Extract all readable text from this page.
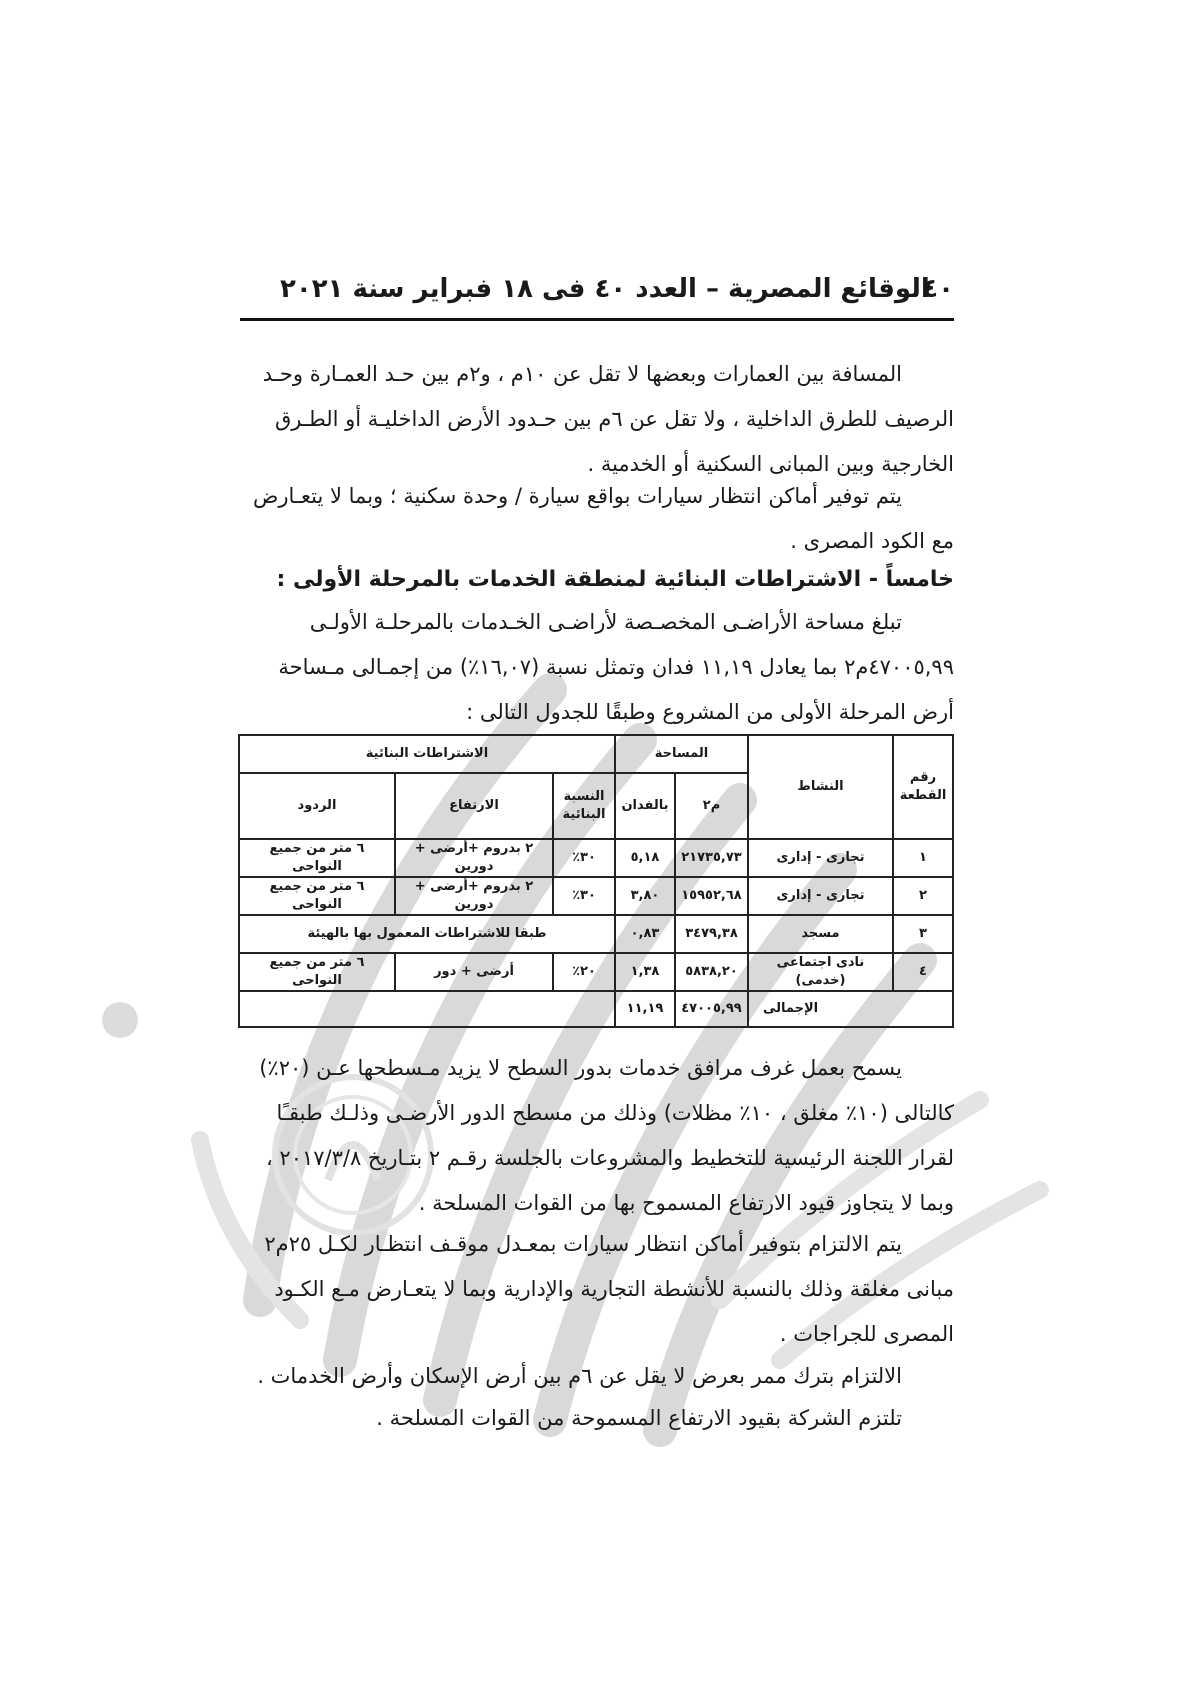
٤٠
الوقائع المصرية – العدد ٤٠ فى ١٨ فبراير سنة ٢٠٢١

المسافة بين العمارات وبعضها لا تقل عن ١٠م ، و٢م بين حـد العمـارة وحـد
الرصيف للطرق الداخلية ، ولا تقل عن ٦م بين حـدود الأرض الداخليـة أو الطـرق
الخارجية وبين المبانى السكنية أو الخدمية .

يتم توفير أماكن انتظار سيارات بواقع سيارة / وحدة سكنية ؛ وبما لا يتعـارض
مع الكود المصرى .

خامساً - الاشتراطات البنائية لمنطقة الخدمات بالمرحلة الأولى :

تبلغ مساحة الأراضـى المخصـصة لأراضـى الخـدمات بالمرحلـة الأولـى
٤٧٠٠٥,٩٩م٢ بما يعادل ١١,١٩ فدان وتمثل نسبة (١٦,٠٧٪) من إجمـالى مـساحة
أرض المرحلة الأولى من المشروع وطبقًا للجدول التالى :

رقم القطعة	النشاط	المساحة		الاشتراطات البنائية		
		م٢	بالفدان	النسبة البنائية	الارتفاع	الردود
١	تجارى - إدارى	٢١٧٣٥,٧٣	٥,١٨	٣٠٪	٢ بدروم +أرضى + دورين	٦ متر من جميع النواحى
٢	تجارى - إدارى	١٥٩٥٢,٦٨	٣,٨٠	٣٠٪	٢ بدروم +أرضى + دورين	٦ متر من جميع النواحى
٣	مسجد	٣٤٧٩,٣٨	٠,٨٣	طبقا للاشتراطات المعمول بها بالهيئة		
٤	نادى اجتماعى (خدمى)	٥٨٣٨,٢٠	١,٣٨	٢٠٪	أرضى + دور	٦ متر من جميع النواحى
الإجمالى		٤٧٠٠٥,٩٩	١١,١٩			

يسمح بعمل غرف مرافق خدمات بدور السطح لا يزيد مـسطحها عـن (٢٠٪)
كالتالى (١٠٪ مغلق ، ١٠٪ مظلات) وذلك من مسطح الدور الأرضـى وذلـك طبقـًا
لقرار اللجنة الرئيسية للتخطيط والمشروعات بالجلسة رقـم ٢ بتـاريخ ٢٠١٧/٣/٨ ،
وبما لا يتجاوز قيود الارتفاع المسموح بها من القوات المسلحة .

يتم الالتزام بتوفير أماكن انتظار سيارات بمعـدل موقـف انتظـار لكـل ٢٥م٢
مبانى مغلقة وذلك بالنسبة للأنشطة التجارية والإدارية وبما لا يتعـارض مـع الكـود
المصرى للجراجات .

الالتزام بترك ممر بعرض لا يقل عن ٦م بين أرض الإسكان وأرض الخدمات .

تلتزم الشركة بقيود الارتفاع المسموحة من القوات المسلحة .
